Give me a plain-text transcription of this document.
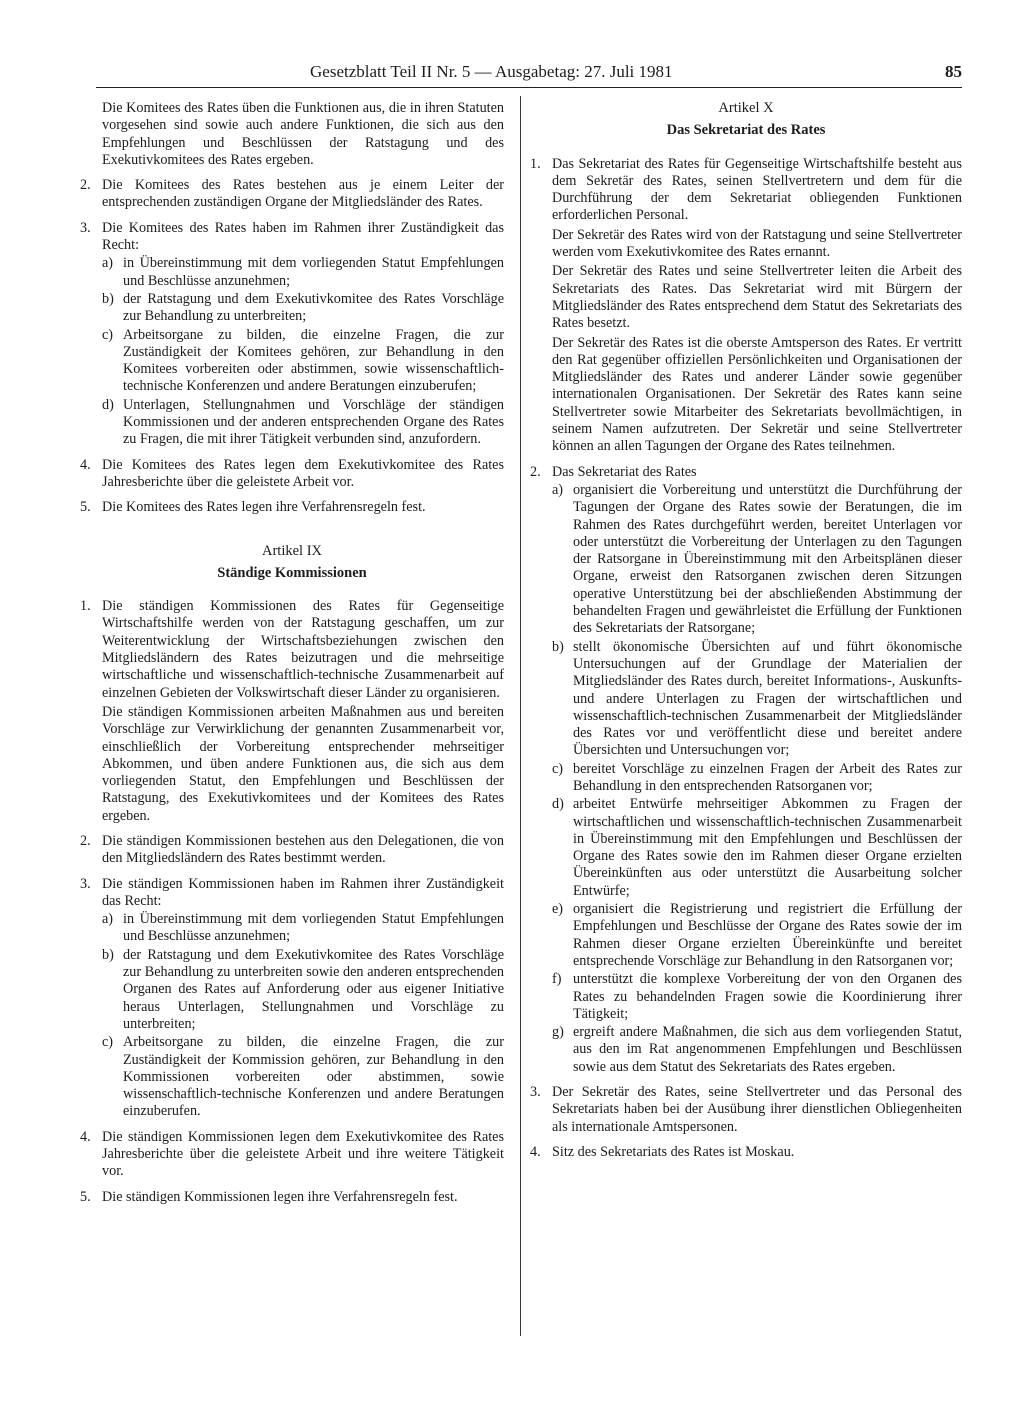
Gesetzblatt Teil II Nr. 5 — Ausgabetag: 27. Juli 1981	85

Die Komitees des Rates üben die Funktionen aus, die in ihren Statuten vorgesehen sind sowie auch andere Funktionen, die sich aus den Empfehlungen und Beschlüssen der Ratstagung und des Exekutivkomitees des Rates ergeben.

2. Die Komitees des Rates bestehen aus je einem Leiter der entsprechenden zuständigen Organe der Mitgliedsländer des Rates.

3. Die Komitees des Rates haben im Rahmen ihrer Zuständigkeit das Recht:

a) in Übereinstimmung mit dem vorliegenden Statut Empfehlungen und Beschlüsse anzunehmen;
b) der Ratstagung und dem Exekutivkomitee des Rates Vorschläge zur Behandlung zu unterbreiten;
c) Arbeitsorgane zu bilden, die einzelne Fragen, die zur Zuständigkeit der Komitees gehören, zur Behandlung in den Komitees vorbereiten oder abstimmen, sowie wissenschaftlich-technische Konferenzen und andere Beratungen einzuberufen;
d) Unterlagen, Stellungnahmen und Vorschläge der ständigen Kommissionen und der anderen entsprechenden Organe des Rates zu Fragen, die mit ihrer Tätigkeit verbunden sind, anzufordern.
4. Die Komitees des Rates legen dem Exekutivkomitee des Rates Jahresberichte über die geleistete Arbeit vor.

5. Die Komitees des Rates legen ihre Verfahrensregeln fest.

Artikel IX
Ständige Kommissionen
1. Die ständigen Kommissionen des Rates für Gegenseitige Wirtschaftshilfe werden von der Ratstagung geschaffen, um zur Weiterentwicklung der Wirtschaftsbeziehungen zwischen den Mitgliedsländern des Rates beizutragen und die mehrseitige wirtschaftliche und wissenschaftlich-technische Zusammenarbeit auf einzelnen Gebieten der Volkswirtschaft dieser Länder zu organisieren.

Die ständigen Kommissionen arbeiten Maßnahmen aus und bereiten Vorschläge zur Verwirklichung der genannten Zusammenarbeit vor, einschließlich der Vorbereitung entsprechender mehrseitiger Abkommen, und üben andere Funktionen aus, die sich aus dem vorliegenden Statut, den Empfehlungen und Beschlüssen der Ratstagung, des Exekutivkomitees und der Komitees des Rates ergeben.

2. Die ständigen Kommissionen bestehen aus den Delegationen, die von den Mitgliedsländern des Rates bestimmt werden.

3. Die ständigen Kommissionen haben im Rahmen ihrer Zuständigkeit das Recht:

a) in Übereinstimmung mit dem vorliegenden Statut Empfehlungen und Beschlüsse anzunehmen;
b) der Ratstagung und dem Exekutivkomitee des Rates Vorschläge zur Behandlung zu unterbreiten sowie den anderen entsprechenden Organen des Rates auf Anforderung oder aus eigener Initiative heraus Unterlagen, Stellungnahmen und Vorschläge zu unterbreiten;
c) Arbeitsorgane zu bilden, die einzelne Fragen, die zur Zuständigkeit der Kommission gehören, zur Behandlung in den Kommissionen vorbereiten oder abstimmen, sowie wissenschaftlich-technische Konferenzen und andere Beratungen einzuberufen.
4. Die ständigen Kommissionen legen dem Exekutivkomitee des Rates Jahresberichte über die geleistete Arbeit und ihre weitere Tätigkeit vor.

5. Die ständigen Kommissionen legen ihre Verfahrensregeln fest.

Artikel X
Das Sekretariat des Rates
1. Das Sekretariat des Rates für Gegenseitige Wirtschaftshilfe besteht aus dem Sekretär des Rates, seinen Stellvertretern und dem für die Durchführung der dem Sekretariat obliegenden Funktionen erforderlichen Personal.

Der Sekretär des Rates wird von der Ratstagung und seine Stellvertreter werden vom Exekutivkomitee des Rates ernannt.

Der Sekretär des Rates und seine Stellvertreter leiten die Arbeit des Sekretariats des Rates. Das Sekretariat wird mit Bürgern der Mitgliedsländer des Rates entsprechend dem Statut des Sekretariats des Rates besetzt.

Der Sekretär des Rates ist die oberste Amtsperson des Rates. Er vertritt den Rat gegenüber offiziellen Persönlichkeiten und Organisationen der Mitgliedsländer des Rates und anderer Länder sowie gegenüber internationalen Organisationen. Der Sekretär des Rates kann seine Stellvertreter sowie Mitarbeiter des Sekretariats bevollmächtigen, in seinem Namen aufzutreten. Der Sekretär und seine Stellvertreter können an allen Tagungen der Organe des Rates teilnehmen.

2. Das Sekretariat des Rates

a) organisiert die Vorbereitung und unterstützt die Durchführung der Tagungen der Organe des Rates sowie der Beratungen, die im Rahmen des Rates durchgeführt werden, bereitet Unterlagen vor oder unterstützt die Vorbereitung der Unterlagen zu den Tagungen der Ratsorgane in Übereinstimmung mit den Arbeitsplänen dieser Organe, erweist den Ratsorganen zwischen deren Sitzungen operative Unterstützung bei der abschließenden Abstimmung der behandelten Fragen und gewährleistet die Erfüllung der Funktionen des Sekretariats der Ratsorgane;
b) stellt ökonomische Übersichten auf und führt ökonomische Untersuchungen auf der Grundlage der Materialien der Mitgliedsländer des Rates durch, bereitet Informations-, Auskunfts- und andere Unterlagen zu Fragen der wirtschaftlichen und wissenschaftlich-technischen Zusammenarbeit der Mitgliedsländer des Rates vor und veröffentlicht diese und bereitet andere Übersichten und Untersuchungen vor;
c) bereitet Vorschläge zu einzelnen Fragen der Arbeit des Rates zur Behandlung in den entsprechenden Ratsorganen vor;
d) arbeitet Entwürfe mehrseitiger Abkommen zu Fragen der wirtschaftlichen und wissenschaftlich-technischen Zusammenarbeit in Übereinstimmung mit den Empfehlungen und Beschlüssen der Organe des Rates sowie den im Rahmen dieser Organe erzielten Übereinkünften aus oder unterstützt die Ausarbeitung solcher Entwürfe;
e) organisiert die Registrierung und registriert die Erfüllung der Empfehlungen und Beschlüsse der Organe des Rates sowie der im Rahmen dieser Organe erzielten Übereinkünfte und bereitet entsprechende Vorschläge zur Behandlung in den Ratsorganen vor;
f) unterstützt die komplexe Vorbereitung der von den Organen des Rates zu behandelnden Fragen sowie die Koordinierung ihrer Tätigkeit;
g) ergreift andere Maßnahmen, die sich aus dem vorliegenden Statut, aus den im Rat angenommenen Empfehlungen und Beschlüssen sowie aus dem Statut des Sekretariats des Rates ergeben.
3. Der Sekretär des Rates, seine Stellvertreter und das Personal des Sekretariats haben bei der Ausübung ihrer dienstlichen Obliegenheiten als internationale Amtspersonen.

4. Sitz des Sekretariats des Rates ist Moskau.
